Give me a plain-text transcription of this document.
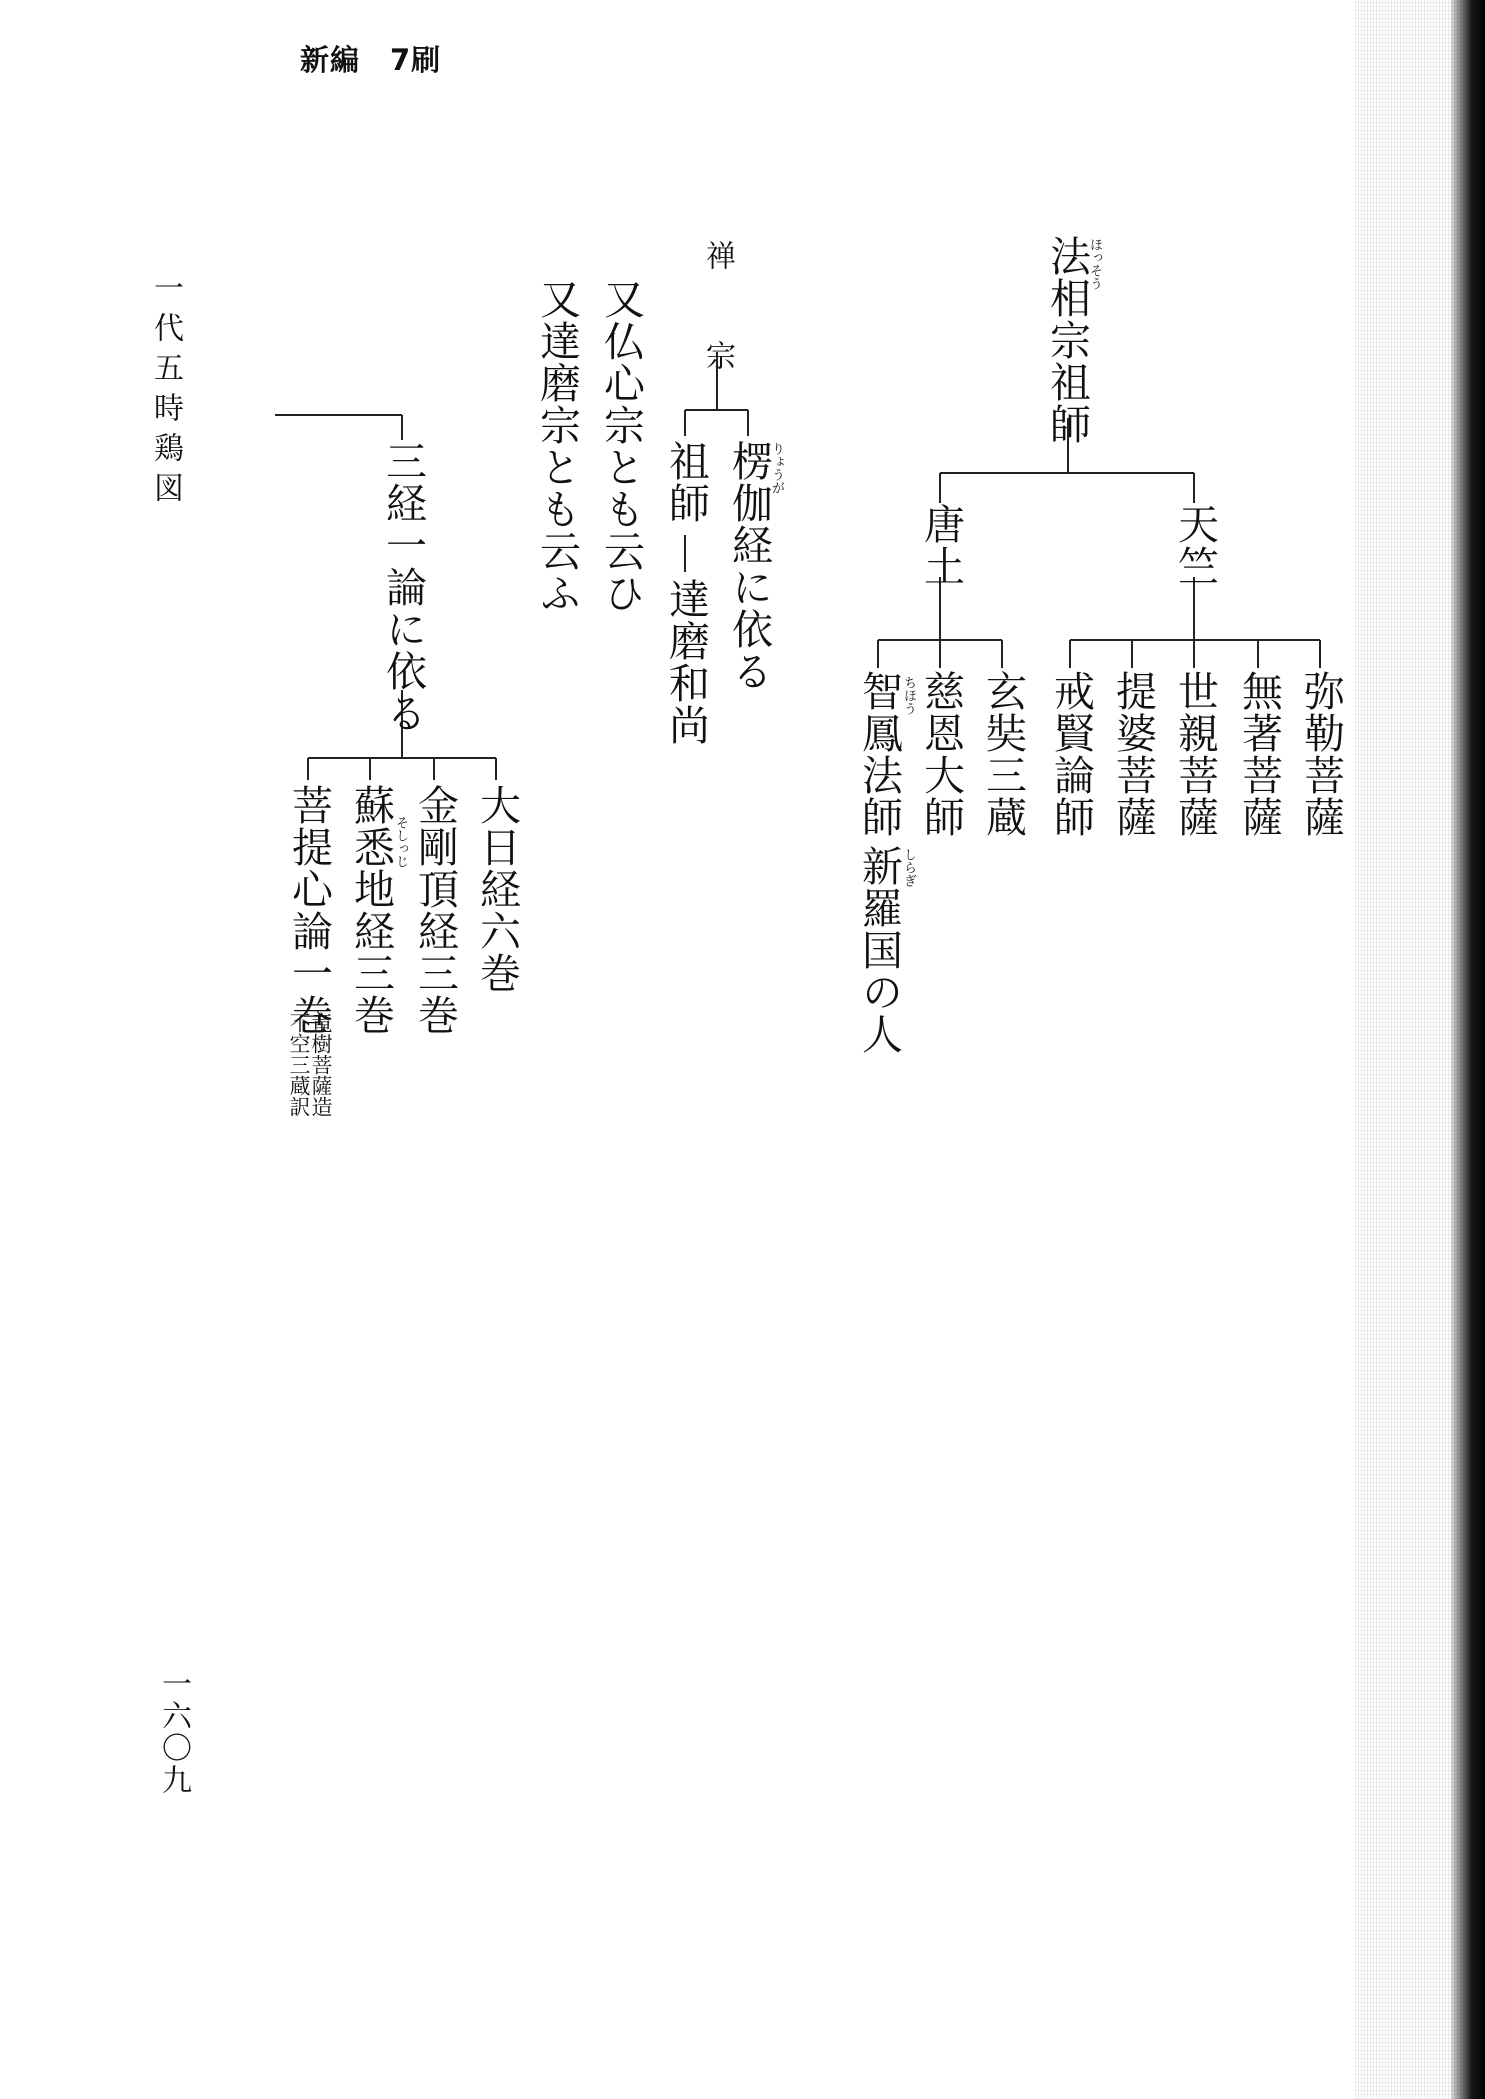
新編　7刷
法相宗祖師
ほっそう
天竺
唐土
弥勒菩薩
無著菩薩
世親菩薩
提婆菩薩
戒賢論師
玄奘三蔵
慈恩大師
智鳳法師
ちほう
新羅国の人
しらぎ
禅　宗
楞伽経に依る
りょうが
祖師
達磨和尚
又仏心宗とも云ひ
又達磨宗とも云ふ
三経一論に依る
大日経六巻
金剛頂経三巻
蘇悉地経三巻
そしっじ
菩提心論一巻
竜樹菩薩造
不空三蔵訳
一代五時鶏図
一六〇九
